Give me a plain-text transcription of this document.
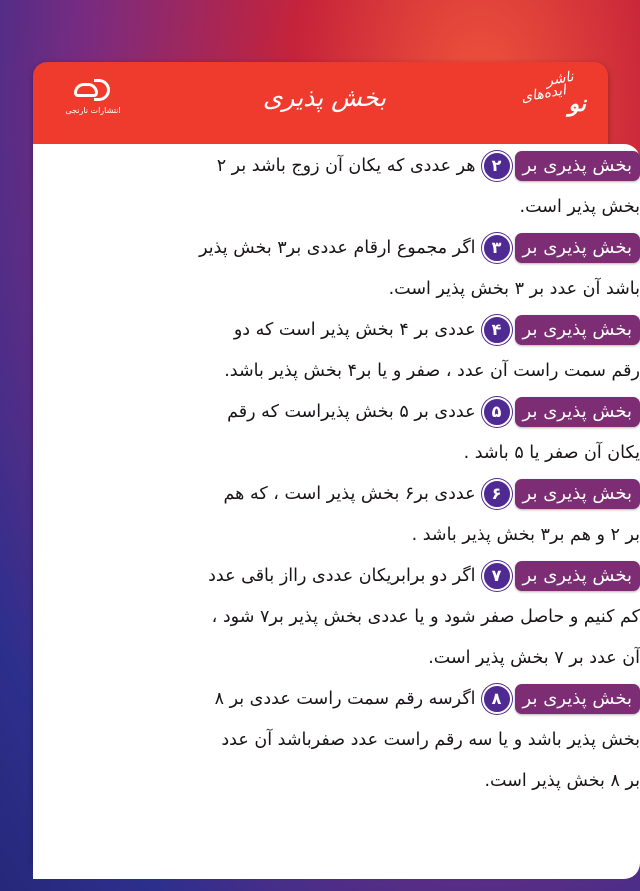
انتشارات نارنجی	بخش پذیری
ناشر
ایده‌های نو

بخش پذیری بر۲هر عددی که یکان آن زوج باشد بر ۲

بخش پذیر است.

بخش پذیری بر۳اگر مجموع ارقام عددی بر۳ بخش پذیر

باشد آن عدد بر ۳ بخش پذیر است.

بخش پذیری بر۴عددی بر ۴ بخش پذیر است که دو

رقم سمت راست آن عدد ، صفر و یا بر۴ بخش پذیر باشد.

بخش پذیری بر۵عددی بر ۵ بخش پذیراست که رقم

یکان آن صفر یا ۵ باشد .

بخش پذیری بر۶عددی بر۶ بخش پذیر است ، که هم

بر ۲ و هم بر۳ بخش پذیر باشد .

بخش پذیری بر۷اگر دو برابریکان عددی رااز باقی عدد

کم کنیم و حاصل صفر شود و یا عددی بخش پذیر بر۷ شود ،

آن عدد بر ۷ بخش پذیر است.

بخش پذیری بر۸اگرسه رقم سمت راست عددی بر ۸

بخش پذیر باشد و یا سه رقم راست عدد صفرباشد آن عدد

بر ۸ بخش پذیر است.

www.NarenjiBook.com
